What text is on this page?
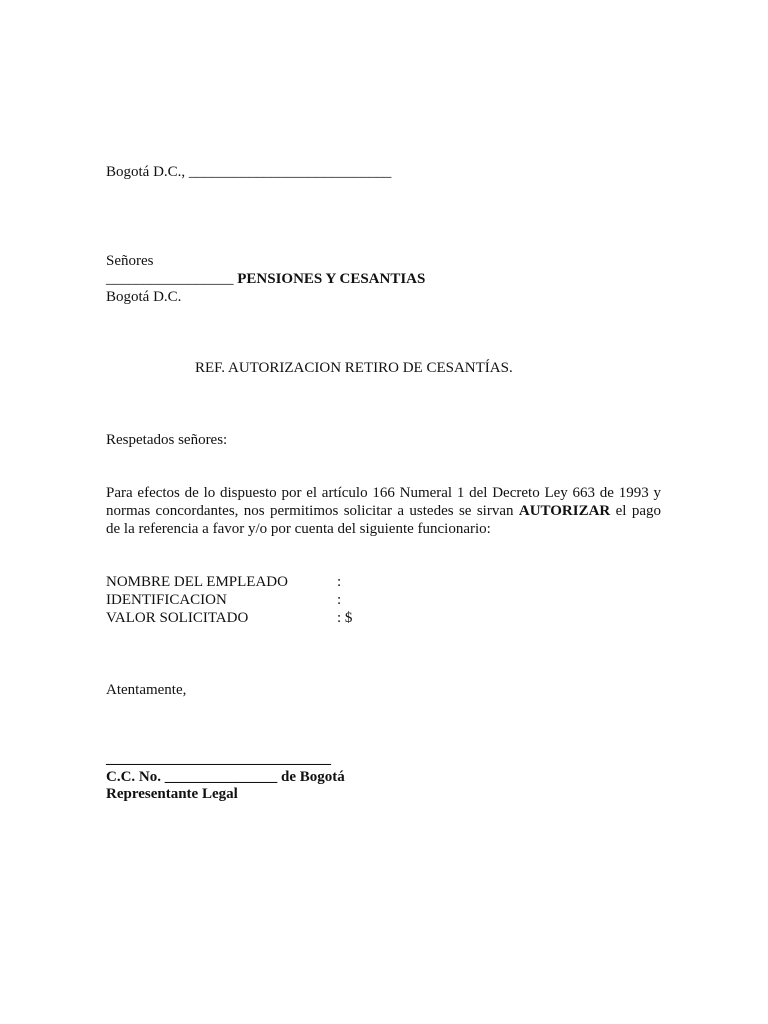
Bogotá D.C., ___________________________
Señores
_________________ PENSIONES Y CESANTIAS
Bogotá D.C.
REF. AUTORIZACION RETIRO DE CESANTÍAS.
Respetados señores:
Para efectos de lo dispuesto por el artículo 166 Numeral 1 del Decreto Ley 663 de 1993 y
normas concordantes, nos permitimos solicitar a ustedes se sirvan AUTORIZAR el pago
de la referencia a favor y/o por cuenta del siguiente funcionario:
NOMBRE DEL EMPLEADO	:
IDENTIFICACION	:
VALOR SOLICITADO	: $
Atentamente,
______________________________
C.C. No. _______________ de Bogotá
Representante Legal
